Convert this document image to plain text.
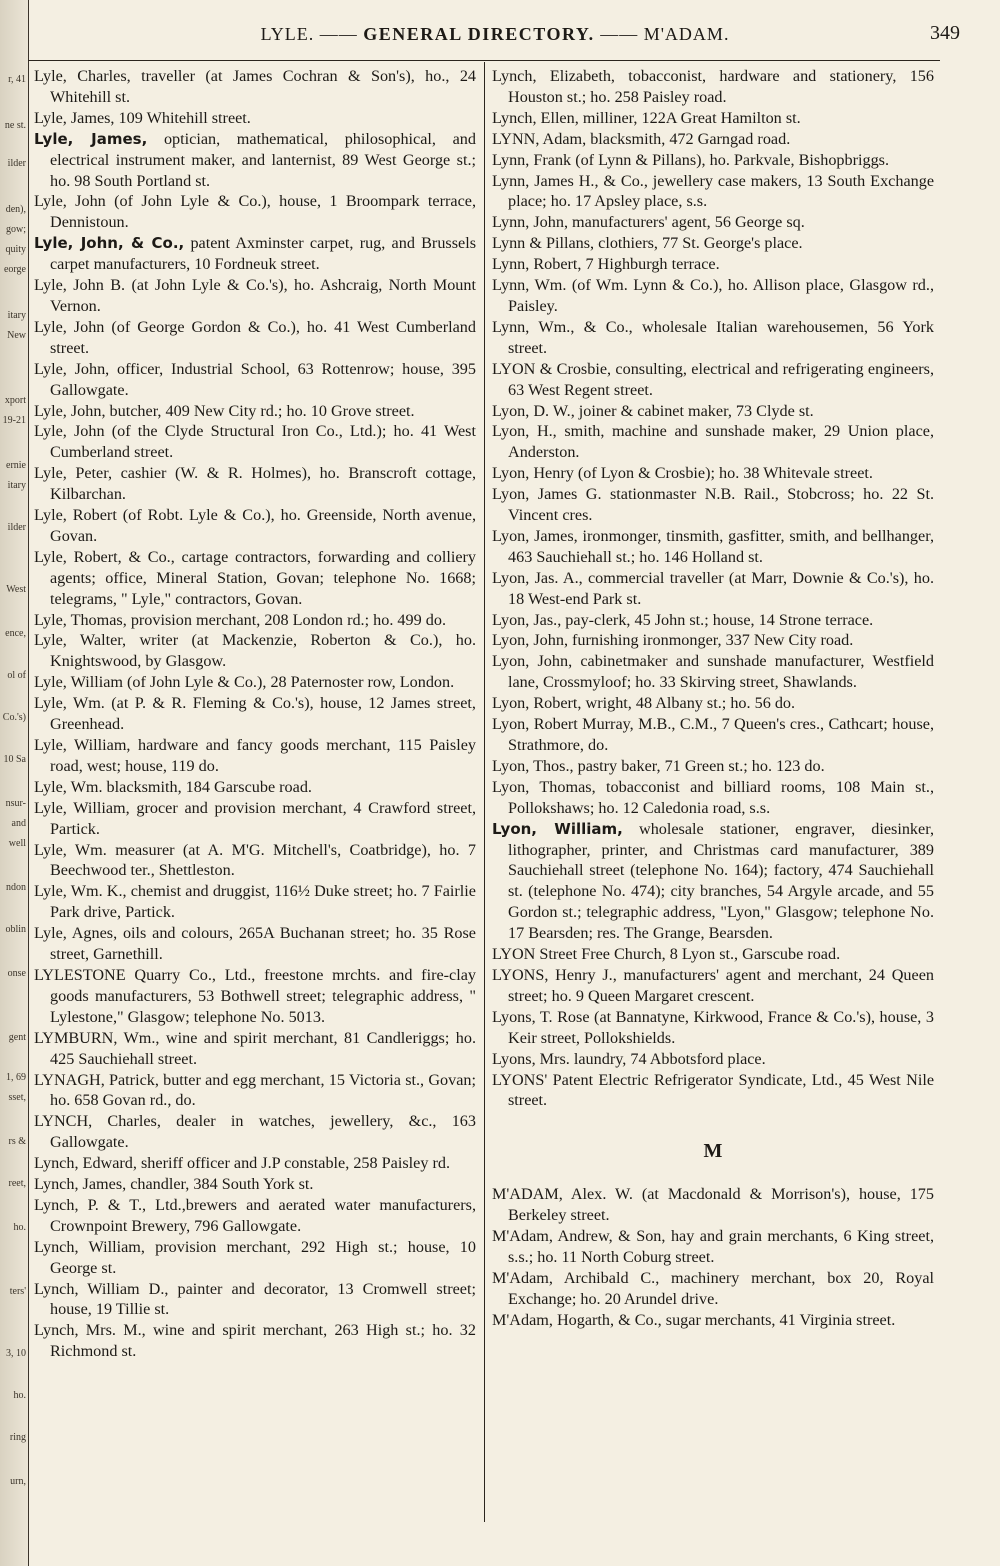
r, 41
ne st.
ilder
den),
gow;
quity
eorge
itary
New
xport
19-21
ernie
itary
ilder
West
ence,
ol of
Co.'s)
10 Sa
nsur-
and
well
ndon
oblin
onse
gent
1, 69
sset,
rs &
reet,
ho.
ters'
3, 10
ho.
ring
urn,
LYLE. —— GENERAL DIRECTORY. —— M'ADAM.	349
Lyle, Charles, traveller (at James Cochran & Son's), ho., 24 Whitehill st.
Lyle, James, 109 Whitehill street.
Lyle, James, optician, mathematical, philosophical, and electrical instrument maker, and lanternist, 89 West George st.; ho. 98 South Portland st.
Lyle, John (of John Lyle & Co.), house, 1 Broompark terrace, Dennistoun.
Lyle, John, & Co., patent Axminster carpet, rug, and Brussels carpet manufacturers, 10 Fordneuk street.
Lyle, John B. (at John Lyle & Co.'s), ho. Ashcraig, North Mount Vernon.
Lyle, John (of George Gordon & Co.), ho. 41 West Cumberland street.
Lyle, John, officer, Industrial School, 63 Rottenrow; house, 395 Gallowgate.
Lyle, John, butcher, 409 New City rd.; ho. 10 Grove street.
Lyle, John (of the Clyde Structural Iron Co., Ltd.); ho. 41 West Cumberland street.
Lyle, Peter, cashier (W. & R. Holmes), ho. Branscroft cottage, Kilbarchan.
Lyle, Robert (of Robt. Lyle & Co.), ho. Greenside, North avenue, Govan.
Lyle, Robert, & Co., cartage contractors, forwarding and colliery agents; office, Mineral Station, Govan; telephone No. 1668; telegrams, " Lyle," contractors, Govan.
Lyle, Thomas, provision merchant, 208 London rd.; ho. 499 do.
Lyle, Walter, writer (at Mackenzie, Roberton & Co.), ho. Knightswood, by Glasgow.
Lyle, William (of John Lyle & Co.), 28 Paternoster row, London.
Lyle, Wm. (at P. & R. Fleming & Co.'s), house, 12 James street, Greenhead.
Lyle, William, hardware and fancy goods merchant, 115 Paisley road, west; house, 119 do.
Lyle, Wm. blacksmith, 184 Garscube road.
Lyle, William, grocer and provision merchant, 4 Crawford street, Partick.
Lyle, Wm. measurer (at A. M'G. Mitchell's, Coatbridge), ho. 7 Beechwood ter., Shettleston.
Lyle, Wm. K., chemist and druggist, 116½ Duke street; ho. 7 Fairlie Park drive, Partick.
Lyle, Agnes, oils and colours, 265A Buchanan street; ho. 35 Rose street, Garnethill.
LYLESTONE Quarry Co., Ltd., freestone mrchts. and fire-clay goods manufacturers, 53 Bothwell street; telegraphic address, " Lylestone," Glasgow; telephone No. 5013.
LYMBURN, Wm., wine and spirit merchant, 81 Candleriggs; ho. 425 Sauchiehall street.
LYNAGH, Patrick, butter and egg merchant, 15 Victoria st., Govan; ho. 658 Govan rd., do.
LYNCH, Charles, dealer in watches, jewellery, &c., 163 Gallowgate.
Lynch, Edward, sheriff officer and J.P constable, 258 Paisley rd.
Lynch, James, chandler, 384 South York st.
Lynch, P. & T., Ltd.,brewers and aerated water manufacturers, Crownpoint Brewery, 796 Gallowgate.
Lynch, William, provision merchant, 292 High st.; house, 10 George st.
Lynch, William D., painter and decorator, 13 Cromwell street; house, 19 Tillie st.
Lynch, Mrs. M., wine and spirit merchant, 263 High st.; ho. 32 Richmond st.
Lynch, Elizabeth, tobacconist, hardware and stationery, 156 Houston st.; ho. 258 Paisley road.
Lynch, Ellen, milliner, 122A Great Hamilton st.
LYNN, Adam, blacksmith, 472 Garngad road.
Lynn, Frank (of Lynn & Pillans), ho. Parkvale, Bishopbriggs.
Lynn, James H., & Co., jewellery case makers, 13 South Exchange place; ho. 17 Apsley place, s.s.
Lynn, John, manufacturers' agent, 56 George sq.
Lynn & Pillans, clothiers, 77 St. George's place.
Lynn, Robert, 7 Highburgh terrace.
Lynn, Wm. (of Wm. Lynn & Co.), ho. Allison place, Glasgow rd., Paisley.
Lynn, Wm., & Co., wholesale Italian warehousemen, 56 York street.
LYON & Crosbie, consulting, electrical and refrigerating engineers, 63 West Regent street.
Lyon, D. W., joiner & cabinet maker, 73 Clyde st.
Lyon, H., smith, machine and sunshade maker, 29 Union place, Anderston.
Lyon, Henry (of Lyon & Crosbie); ho. 38 Whitevale street.
Lyon, James G. stationmaster N.B. Rail., Stobcross; ho. 22 St. Vincent cres.
Lyon, James, ironmonger, tinsmith, gasfitter, smith, and bellhanger, 463 Sauchiehall st.; ho. 146 Holland st.
Lyon, Jas. A., commercial traveller (at Marr, Downie & Co.'s), ho. 18 West-end Park st.
Lyon, Jas., pay-clerk, 45 John st.; house, 14 Strone terrace.
Lyon, John, furnishing ironmonger, 337 New City road.
Lyon, John, cabinetmaker and sunshade manufacturer, Westfield lane, Crossmyloof; ho. 33 Skirving street, Shawlands.
Lyon, Robert, wright, 48 Albany st.; ho. 56 do.
Lyon, Robert Murray, M.B., C.M., 7 Queen's cres., Cathcart; house, Strathmore, do.
Lyon, Thos., pastry baker, 71 Green st.; ho. 123 do.
Lyon, Thomas, tobacconist and billiard rooms, 108 Main st., Pollokshaws; ho. 12 Caledonia road, s.s.
Lyon, William, wholesale stationer, engraver, diesinker, lithographer, printer, and Christmas card manufacturer, 389 Sauchiehall street (telephone No. 164); factory, 474 Sauchiehall st. (telephone No. 474); city branches, 54 Argyle arcade, and 55 Gordon st.; telegraphic address, "Lyon," Glasgow; telephone No. 17 Bearsden; res. The Grange, Bearsden.
LYON Street Free Church, 8 Lyon st., Garscube road.
LYONS, Henry J., manufacturers' agent and merchant, 24 Queen street; ho. 9 Queen Margaret crescent.
Lyons, T. Rose (at Bannatyne, Kirkwood, France & Co.'s), house, 3 Keir street, Pollokshields.
Lyons, Mrs. laundry, 74 Abbotsford place.
LYONS' Patent Electric Refrigerator Syndicate, Ltd., 45 West Nile street.
M
M'ADAM, Alex. W. (at Macdonald & Morrison's), house, 175 Berkeley street.
M'Adam, Andrew, & Son, hay and grain merchants, 6 King street, s.s.; ho. 11 North Coburg street.
M'Adam, Archibald C., machinery merchant, box 20, Royal Exchange; ho. 20 Arundel drive.
M'Adam, Hogarth, & Co., sugar merchants, 41 Virginia street.
